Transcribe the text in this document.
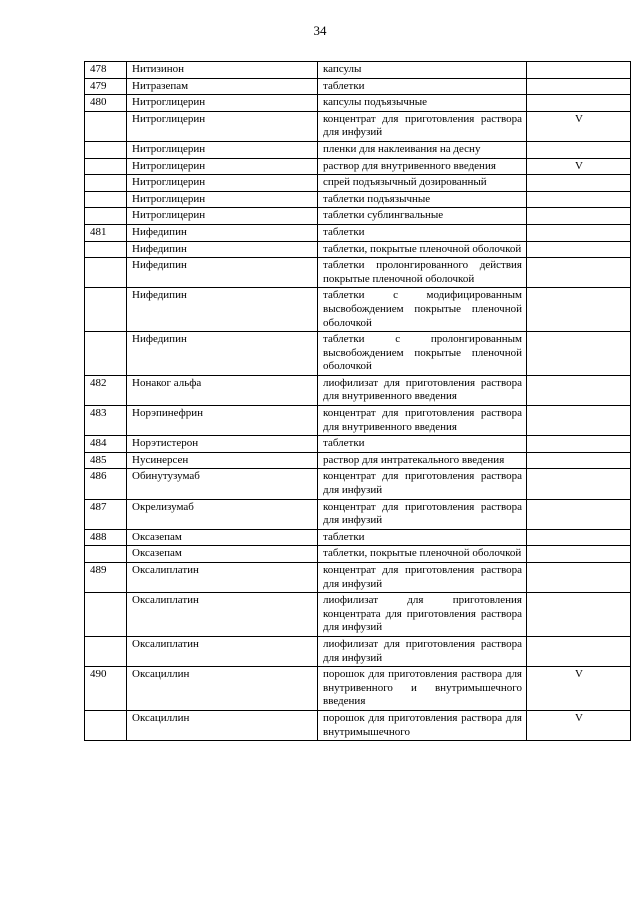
34
478	Нитизинон	капсулы	
479	Нитразепам	таблетки	
480	Нитроглицерин	капсулы подъязычные	
	Нитроглицерин	концентрат для приготовления раствора для инфузий	V
	Нитроглицерин	пленки для наклеивания на десну	
	Нитроглицерин	раствор для внутривенного введения	V
	Нитроглицерин	спрей подъязычный дозированный	
	Нитроглицерин	таблетки подъязычные	
	Нитроглицерин	таблетки сублингвальные	
481	Нифедипин	таблетки	
	Нифедипин	таблетки, покрытые пленочной оболочкой	
	Нифедипин	таблетки пролонгированного действия покрытые пленочной оболочкой	
	Нифедипин	таблетки с модифицированным высвобождением покрытые пленочной оболочкой	
	Нифедипин	таблетки с пролонгированным высвобождением покрытые пленочной оболочкой	
482	Нонаког альфа	лиофилизат для приготовления раствора для внутривенного введения	
483	Норэпинефрин	концентрат для приготовления раствора для внутривенного введения	
484	Норэтистерон	таблетки	
485	Нусинерсен	раствор для интратекального введения	
486	Обинутузумаб	концентрат для приготовления раствора для инфузий	
487	Окрелизумаб	концентрат для приготовления раствора для инфузий	
488	Оксазепам	таблетки	
	Оксазепам	таблетки, покрытые пленочной оболочкой	
489	Оксалиплатин	концентрат для приготовления раствора для инфузий	
	Оксалиплатин	лиофилизат для приготовления концентрата для приготовления раствора для инфузий	
	Оксалиплатин	лиофилизат для приготовления раствора для инфузий	
490	Оксациллин	порошок для приготовления раствора для внутривенного и внутримышечного введения	V
	Оксациллин	порошок для приготовления раствора для внутримышечного	V
